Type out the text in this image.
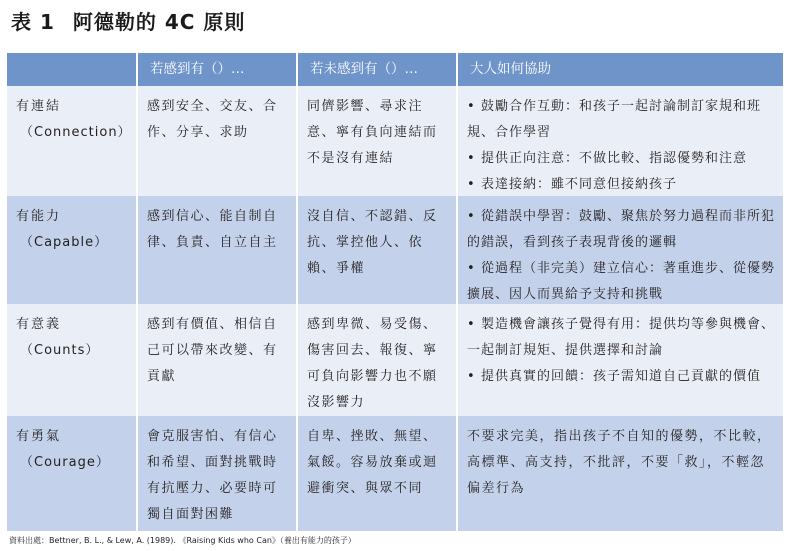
表 1 阿德勒的 4C 原則
若感到有（）…	若未感到有（）…	大人如何協助
有連結
（Connection）
感到安全、交友、合作、分享、求助
同儕影響、尋求注意、寧有負向連結而不是沒有連結
• 鼓勵合作互動：和孩子一起討論制訂家規和班規、合作學習
• 提供正向注意：不做比較、指認優勢和注意
• 表達接納：雖不同意但接納孩子
有能力
（Capable）
感到信心、能自制自律、負責、自立自主
沒自信、不認錯、反抗、掌控他人、依賴、爭權
• 從錯誤中學習：鼓勵、聚焦於努力過程而非所犯的錯誤，看到孩子表現背後的邏輯
• 從過程（非完美）建立信心：著重進步、從優勢擴展、因人而異給予支持和挑戰
有意義
（Counts）
感到有價值、相信自己可以帶來改變、有貢獻
感到卑微、易受傷、傷害回去、報復、寧可負向影響力也不願沒影響力
• 製造機會讓孩子覺得有用：提供均等參與機會、一起制訂規矩、提供選擇和討論
• 提供真實的回饋：孩子需知道自己貢獻的價值
有勇氣
（Courage）
會克服害怕、有信心和希望、面對挑戰時有抗壓力、必要時可獨自面對困難
自卑、挫敗、無望、氣餒。容易放棄或迴避衝突、與眾不同
不要求完美，指出孩子不自知的優勢，不比較，高標準、高支持，不批評，不要「救」，不輕忽偏差行為
資料出處：Bettner, B. L., & Lew, A. (1989). 《Raising Kids who Can》（養出有能力的孩子）
